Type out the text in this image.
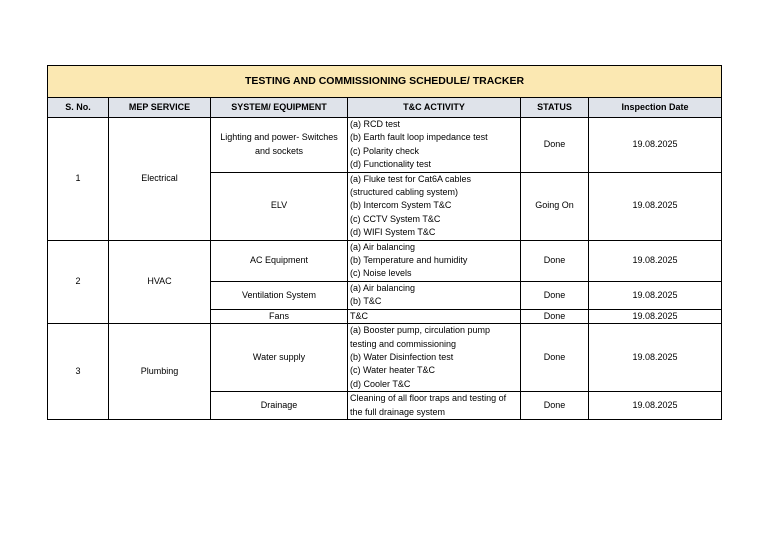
TESTING AND COMMISSIONING SCHEDULE/ TRACKER					
S. No.	MEP SERVICE	SYSTEM/ EQUIPMENT	T&C ACTIVITY	STATUS	Inspection Date
1	Electrical	Lighting and power- Switches and sockets	(a) RCD test
(b) Earth fault loop impedance test
(c) Polarity check
(d) Functionality test	Done	19.08.2025
		ELV	(a) Fluke test for Cat6A cables
(structured cabling system)
(b) Intercom System T&C
(c) CCTV System T&C
(d) WIFI System T&C	Going On	19.08.2025
2	HVAC	AC Equipment	(a) Air balancing
(b) Temperature and humidity
(c) Noise levels	Done	19.08.2025
		Ventilation System	(a) Air balancing
(b) T&C	Done	19.08.2025
		Fans	T&C	Done	19.08.2025
3	Plumbing	Water supply	(a) Booster pump, circulation pump
testing and commissioning
(b) Water Disinfection test
(c) Water heater T&C
(d) Cooler T&C	Done	19.08.2025
		Drainage	Cleaning of all floor traps and testing of
the full drainage system	Done	19.08.2025
